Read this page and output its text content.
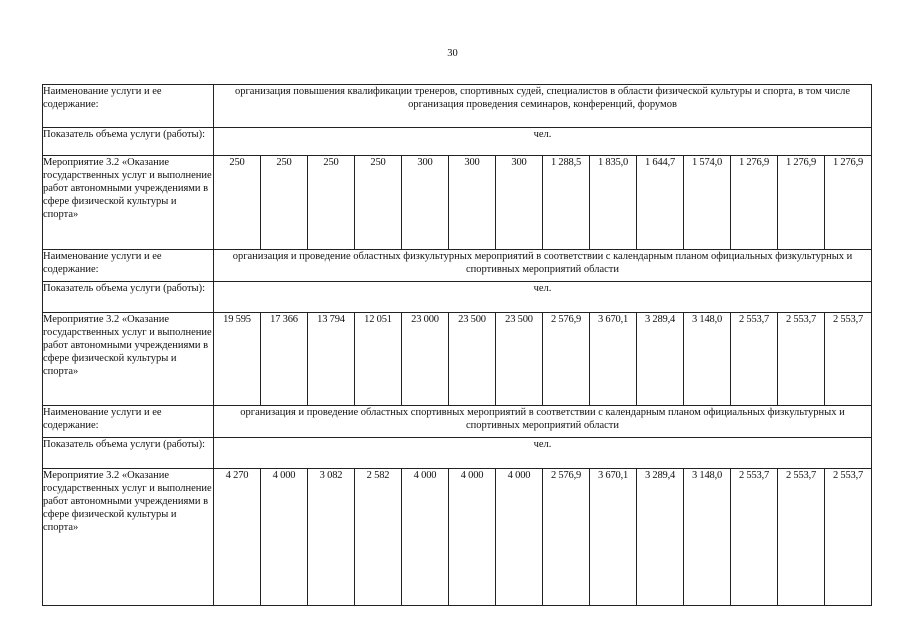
30
Наименование услуги и ее содержание:	организация повышения квалификации тренеров, спортивных судей, специалистов в области физической культуры и спорта, в том числе организация проведения семинаров, конференций, форумов													
Показатель объема услуги (работы):	чел.													
Мероприятие 3.2 «Оказание государственных услуг и выполнение работ автономными учреждениями в сфере физической культуры и спорта»	250	250	250	250	300	300	300	1 288,5	1 835,0	1 644,7	1 574,0	1 276,9	1 276,9	1 276,9
Наименование услуги и ее содержание:	организация и проведение областных физкультурных мероприятий в соответствии с календарным планом официальных физкультурных и спортивных мероприятий области													
Показатель объема услуги (работы):	чел.													
Мероприятие 3.2 «Оказание государственных услуг и выполнение работ автономными учреждениями в сфере физической культуры и спорта»	19 595	17 366	13 794	12 051	23 000	23 500	23 500	2 576,9	3 670,1	3 289,4	3 148,0	2 553,7	2 553,7	2 553,7
Наименование услуги и ее содержание:	организация и проведение областных спортивных мероприятий в соответствии с календарным планом официальных физкультурных и спортивных мероприятий области													
Показатель объема услуги (работы):	чел.													
Мероприятие 3.2 «Оказание государственных услуг и выполнение работ автономными учреждениями в сфере физической культуры и спорта»	4 270	4 000	3 082	2 582	4 000	4 000	4 000	2 576,9	3 670,1	3 289,4	3 148,0	2 553,7	2 553,7	2 553,7
